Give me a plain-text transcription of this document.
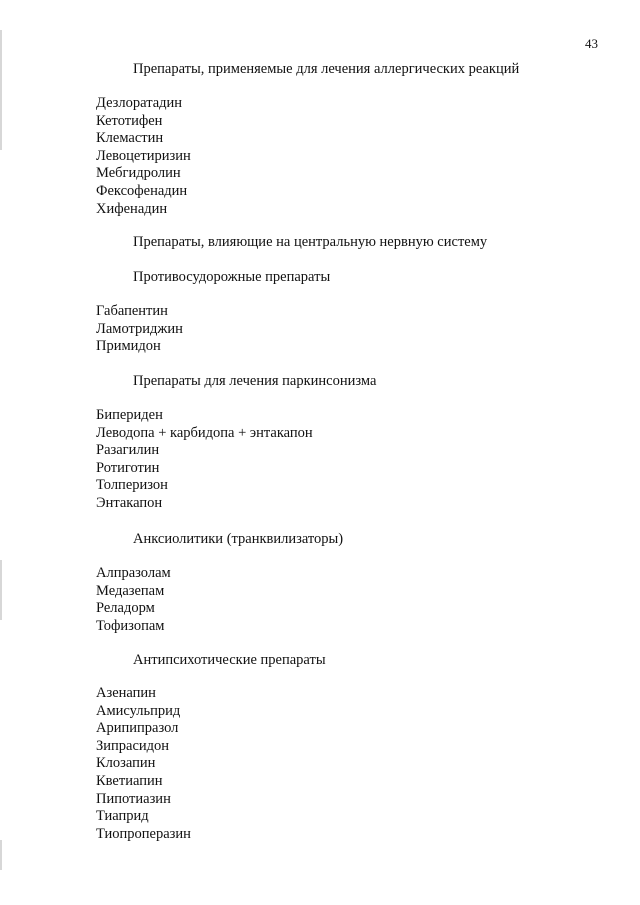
43
Препараты, применяемые для лечения аллергических реакций
Дезлоратадин
Кетотифен
Клемастин
Левоцетиризин
Мебгидролин
Фексофенадин
Хифенадин
Препараты, влияющие на центральную нервную систему
Противосудорожные препараты
Габапентин
Ламотриджин
Примидон
Препараты для лечения паркинсонизма
Бипериден
Леводопа + карбидопа + энтакапон
Разагилин
Ротиготин
Толперизон
Энтакапон
Анксиолитики (транквилизаторы)
Алпразолам
Медазепам
Реладорм
Тофизопам
Антипсихотические препараты
Азенапин
Амисульприд
Арипипразол
Зипрасидон
Клозапин
Кветиапин
Пипотиазин
Тиаприд
Тиопроперазин
